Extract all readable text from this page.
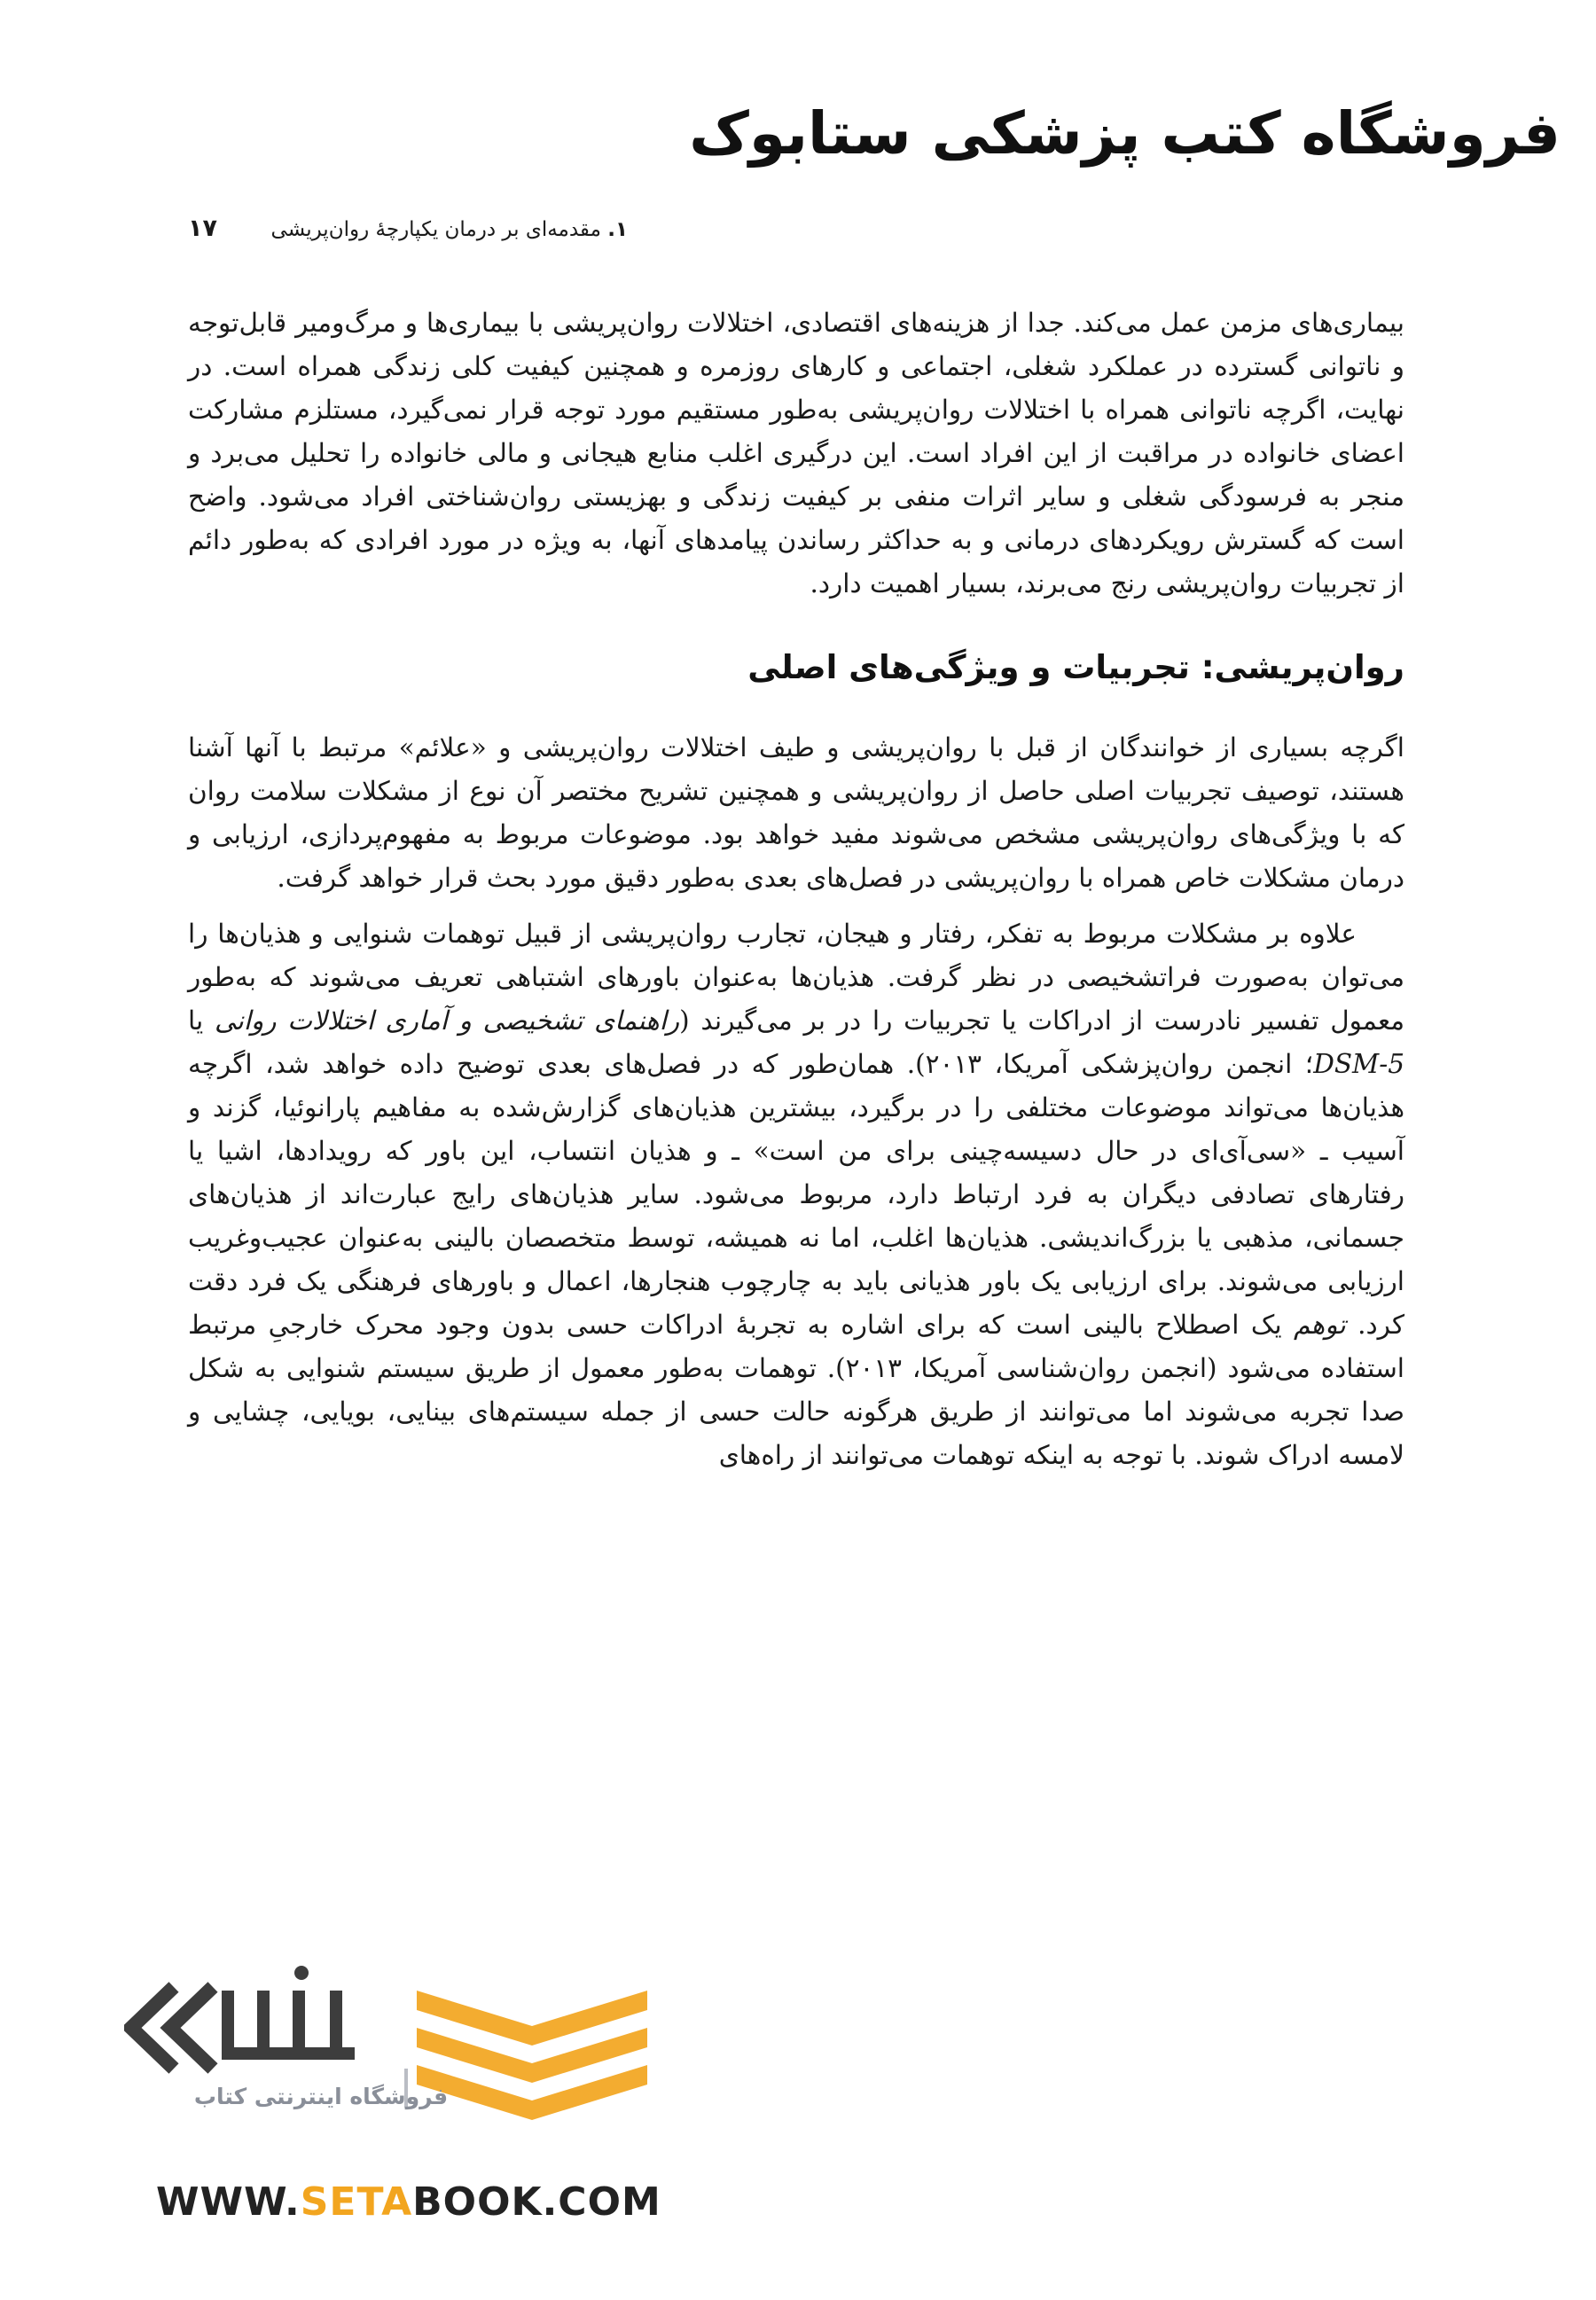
فروشگاه کتب پزشکی ستابوک
۱. مقدمه‌ای بر درمان یکپارچهٔ روان‌پریشی
۱۷

بیماری‌های مزمن عمل می‌کند. جدا از هزینه‌های اقتصادی، اختلالات روان‌پریشی با بیماری‌ها و مرگ‌ومیر قابل‌توجه و ناتوانی گسترده در عملکرد شغلی، اجتماعی و کارهای روزمره و همچنین کیفیت کلی زندگی همراه است. در نهایت، اگرچه ناتوانی همراه با اختلالات روان‌پریشی به‌طور مستقیم مورد توجه قرار نمی‌گیرد، مستلزم مشارکت اعضای خانواده در مراقبت از این افراد است. این درگیری اغلب منابع هیجانی و مالی خانواده را تحلیل می‌برد و منجر به فرسودگی شغلی و سایر اثرات منفی بر کیفیت زندگی و بهزیستی روان‌شناختی افراد می‌شود. واضح است که گسترش رویکردهای درمانی و به حداکثر رساندن پیامدهای آنها، به ویژه در مورد افرادی که به‌طور دائم از تجربیات روان‌پریشی رنج می‌برند، بسیار اهمیت دارد.

روان‌پریشی: تجربیات و ویژگی‌های اصلی

اگرچه بسیاری از خوانندگان از قبل با روان‌پریشی و طیف اختلالات روان‌پریشی و «علائم» مرتبط با آنها آشنا هستند، توصیف تجربیات اصلی حاصل از روان‌پریشی و همچنین تشریح مختصر آن نوع از مشکلات سلامت روان که با ویژگی‌های روان‌پریشی مشخص می‌شوند مفید خواهد بود. موضوعات مربوط به مفهوم‌پردازی، ارزیابی و درمان مشکلات خاص همراه با روان‌پریشی در فصل‌های بعدی به‌طور دقیق مورد بحث قرار خواهد گرفت.

علاوه بر مشکلات مربوط به تفکر، رفتار و هیجان، تجارب روان‌پریشی از قبیل توهمات شنوایی و هذیان‌ها را می‌توان به‌صورت فراتشخیصی در نظر گرفت. هذیان‌ها به‌عنوان باورهای اشتباهی تعریف می‌شوند که به‌طور معمول تفسیر نادرست از ادراکات یا تجربیات را در بر می‌گیرند (راهنمای تشخیصی و آماری اختلالات روانی یا DSM-5؛ انجمن روان‌پزشکی آمریکا، ۲۰۱۳). همان‌طور که در فصل‌های بعدی توضیح داده خواهد شد، اگرچه هذیان‌ها می‌تواند موضوعات مختلفی را در برگیرد، بیشترین هذیان‌های گزارش‌شده به مفاهیم پارانوئیا، گزند و آسیب ـ «سی‌آی‌ای در حال دسیسه‌چینی برای من است» ـ و هذیان انتساب، این باور که رویدادها، اشیا یا رفتارهای تصادفی دیگران به فرد ارتباط دارد، مربوط می‌شود. سایر هذیان‌های رایج عبارت‌اند از هذیان‌های جسمانی، مذهبی یا بزرگ‌اندیشی. هذیان‌ها اغلب، اما نه همیشه، توسط متخصصان بالینی به‌عنوان عجیب‌وغریب ارزیابی می‌شوند. برای ارزیابی یک باور هذیانی باید به چارچوب هنجارها، اعمال و باورهای فرهنگی یک فرد دقت کرد. توهم یک اصطلاح بالینی است که برای اشاره به تجربهٔ ادراکات حسی بدون وجود محرک خارجیِ مرتبط استفاده می‌شود (انجمن روان‌شناسی آمریکا، ۲۰۱۳). توهمات به‌طور معمول از طریق سیستم شنوایی به شکل صدا تجربه می‌شوند اما می‌توانند از طریق هرگونه حالت حسی از جمله سیستم‌های بینایی، بویایی، چشایی و لامسه ادراک شوند. با توجه به اینکه توهمات می‌توانند از راه‌های

فروشگاه اینترنتی کتاب
WWW.SETABOOK.COM
